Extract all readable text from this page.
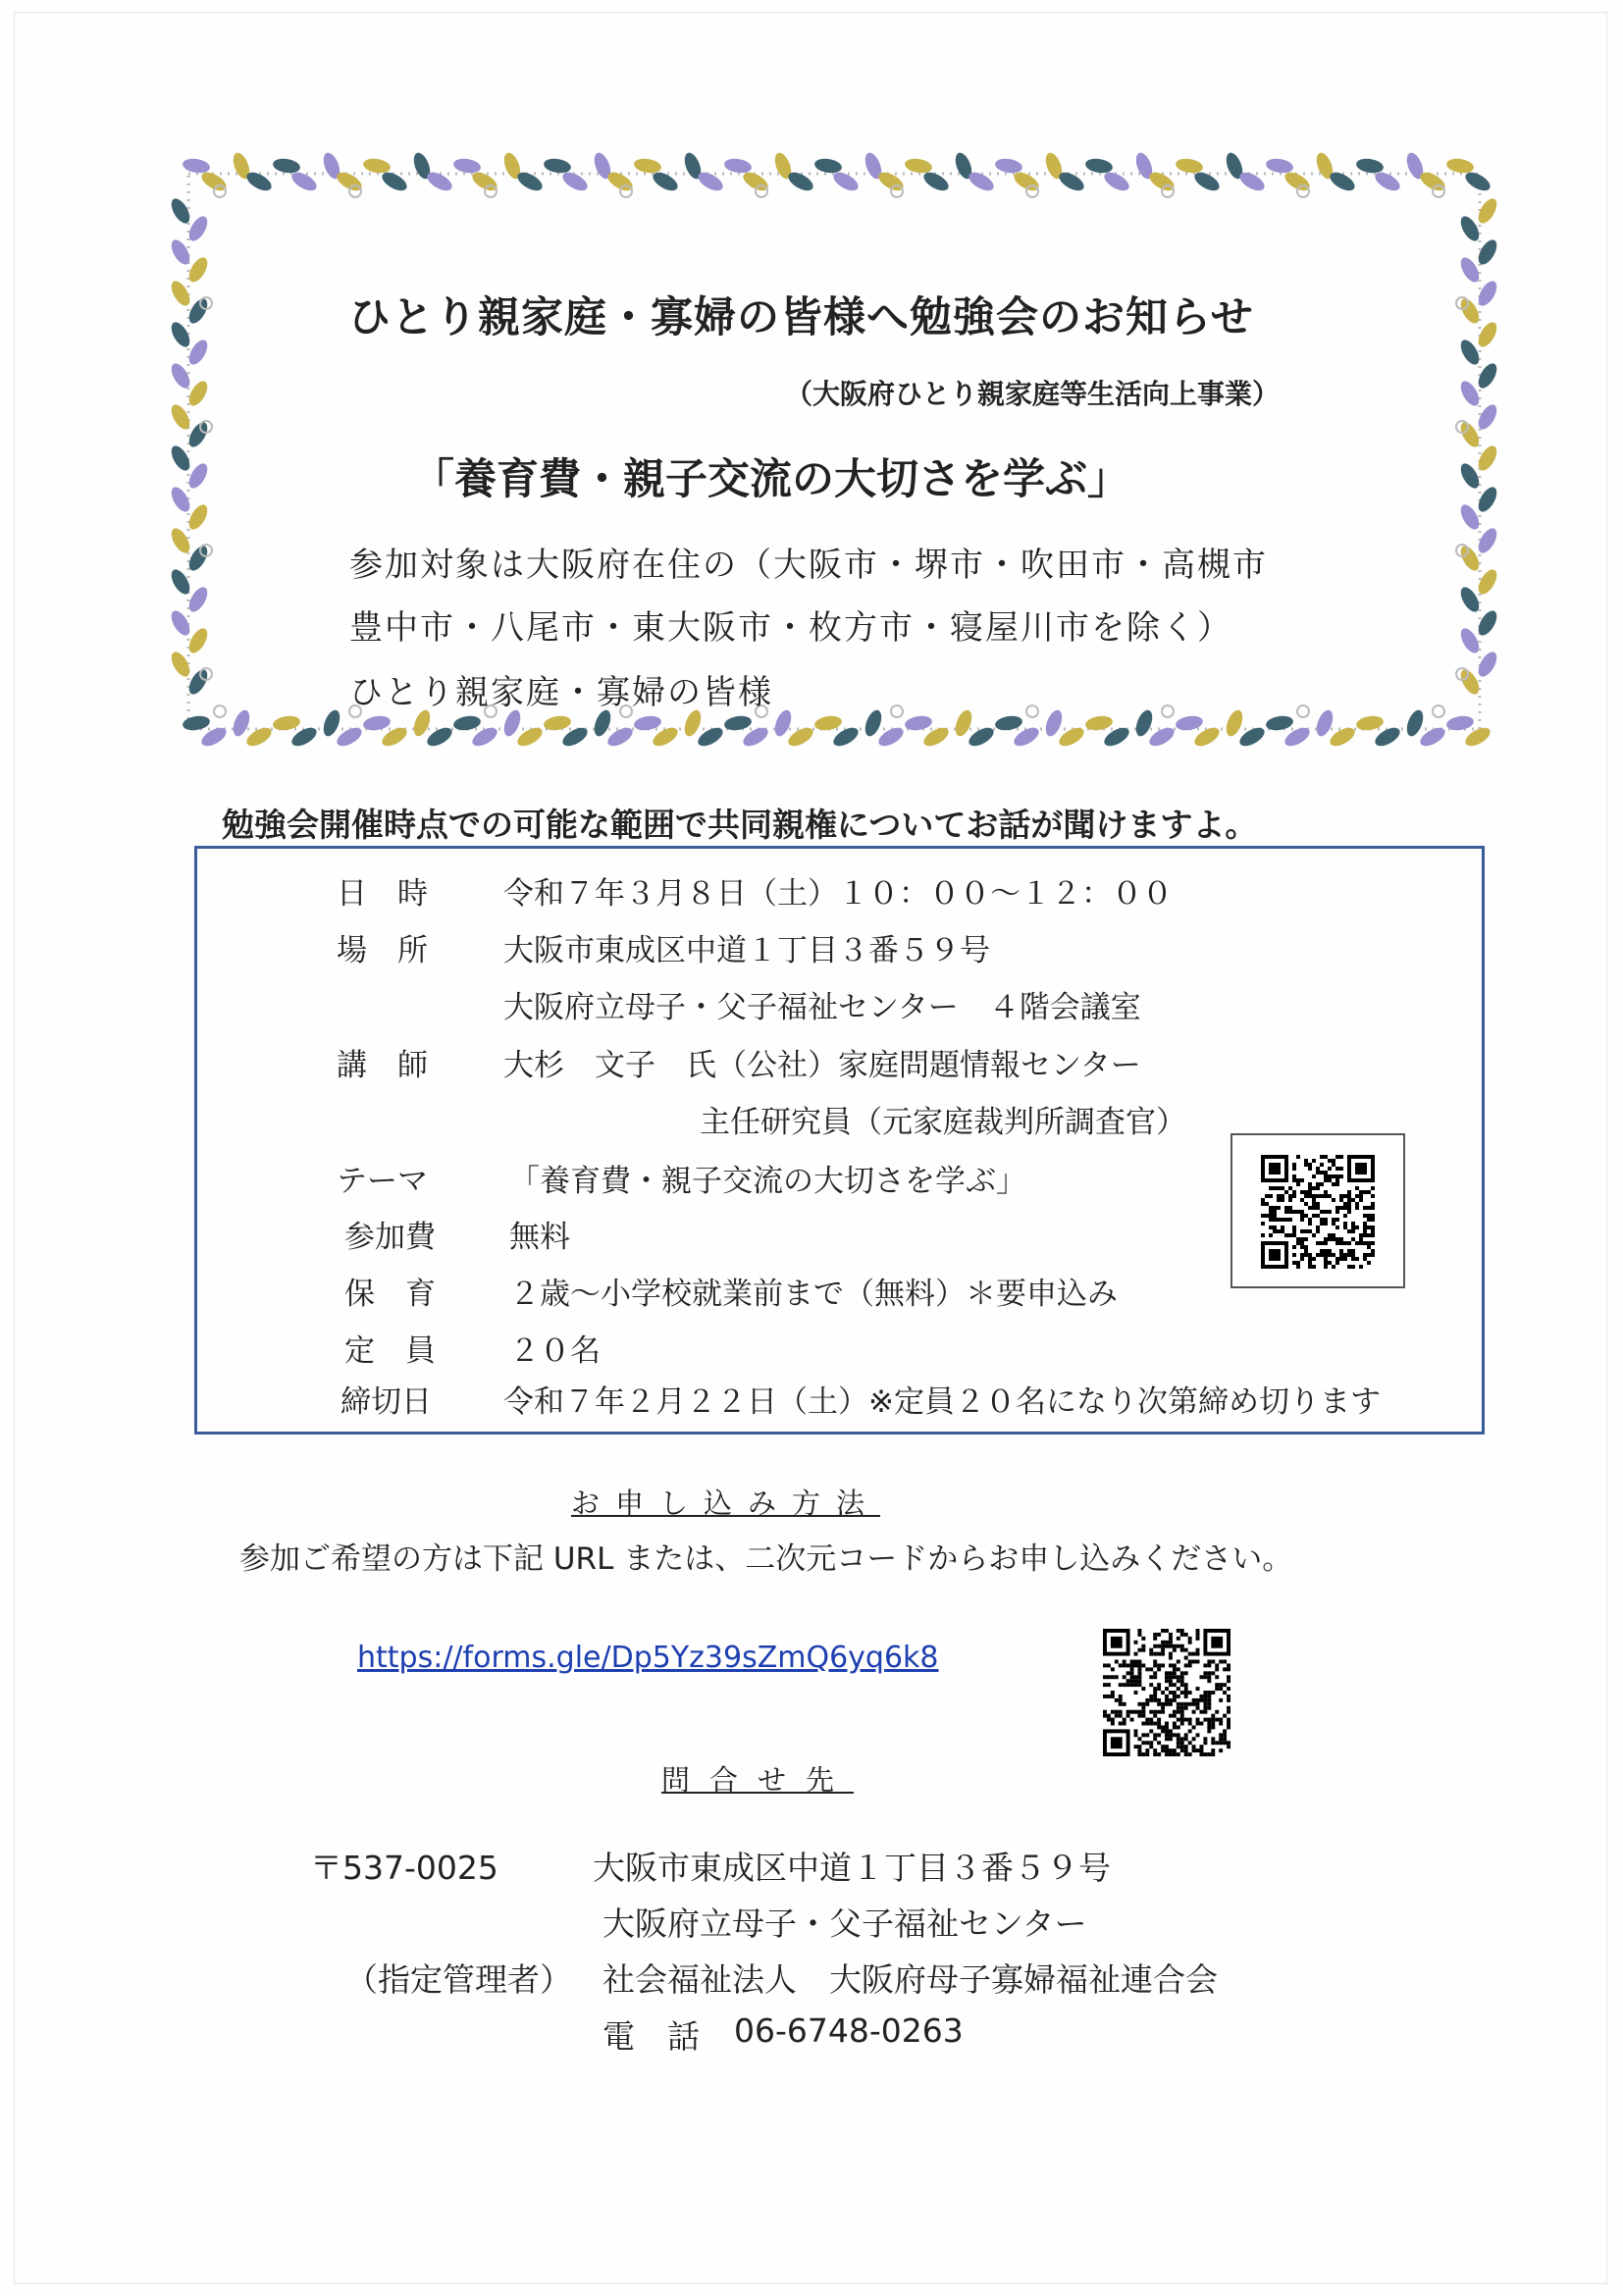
ひとり親家庭・寡婦の皆様へ勉強会のお知らせ
（大阪府ひとり親家庭等生活向上事業）
「養育費・親子交流の大切さを学ぶ」
参加対象は大阪府在住の（大阪市・堺市・吹田市・高槻市
豊中市・八尾市・東大阪市・枚方市・寝屋川市を除く）
ひとり親家庭・寡婦の皆様
勉強会開催時点での可能な範囲で共同親権についてお話が聞けますよ。
日　時 令和７年３月８日（土）１０：００～１２：００
場　所 大阪市東成区中道１丁目３番５９号
大阪府立母子・父子福祉センター　４階会議室
講　師 大杉　文子　氏（公社）家庭問題情報センター
主任研究員（元家庭裁判所調査官）
テーマ	「養育費・親子交流の大切さを学ぶ」
参加費 無料
保　育 ２歳～小学校就業前まで（無料）＊要申込み
定　員 ２０名
締切日 令和７年２月２２日（土）※定員２０名になり次第締め切ります
お申し込み方法
参加ご希望の方は下記 URL または、二次元コードからお申し込みください。
https://forms.gle/Dp5Yz39sZmQ6yq6k8
問合せ先
〒537-0025	大阪市東成区中道１丁目３番５９号
大阪府立母子・父子福祉センター
（指定管理者） 社会福祉法人　大阪府母子寡婦福祉連合会
電　話 06-6748-0263
